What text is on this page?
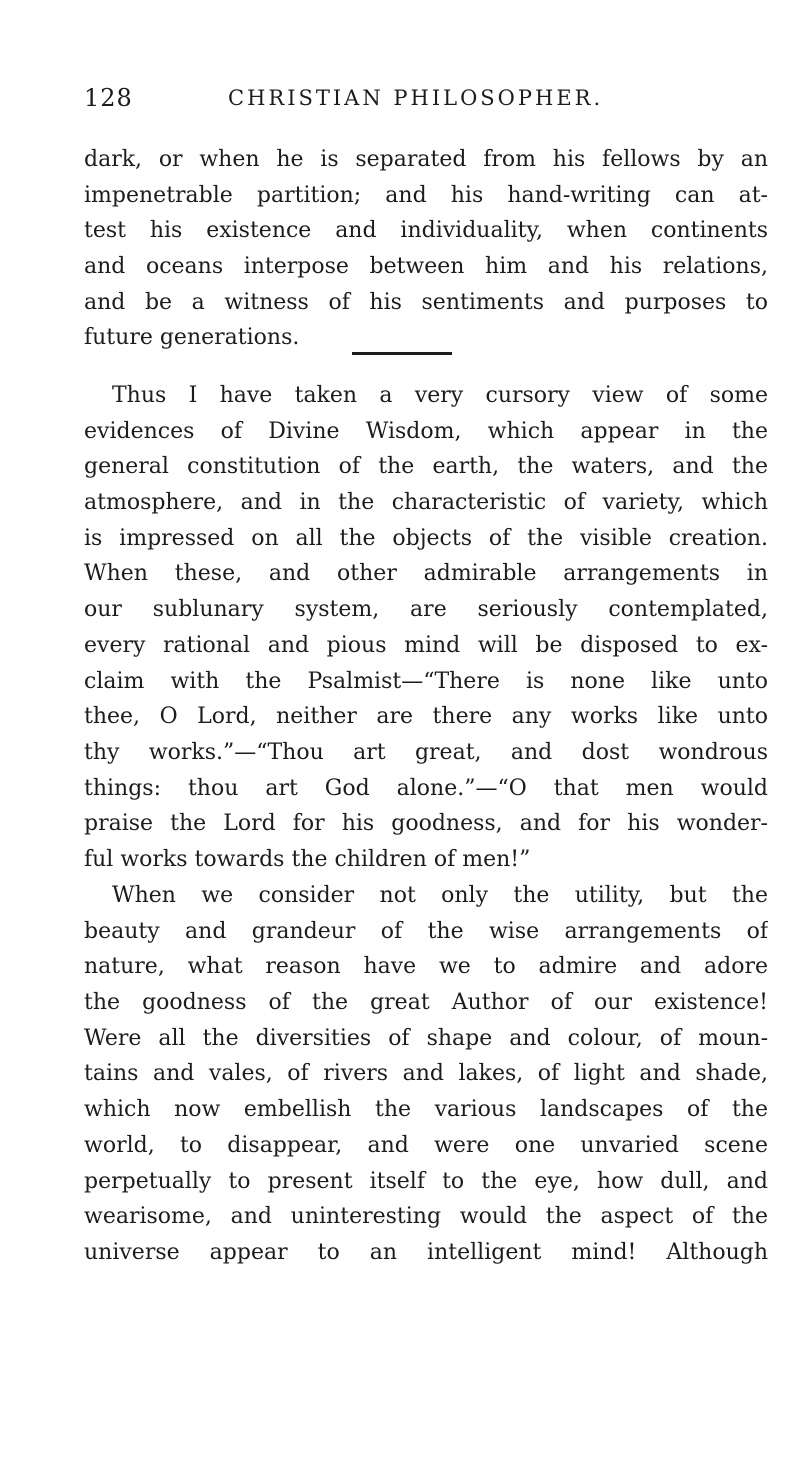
128	CHRISTIAN PHILOSOPHER.
dark, or when he is separated from his fellows by an
impenetrable partition; and his hand-writing can at-
test his existence and individuality, when continents
and oceans interpose between him and his relations,
and be a witness of his sentiments and purposes to
future generations.
Thus I have taken a very cursory view of some
evidences of Divine Wisdom, which appear in the
general constitution of the earth, the waters, and the
atmosphere, and in the characteristic of variety, which
is impressed on all the objects of the visible creation.
When these, and other admirable arrangements in
our sublunary system, are seriously contemplated,
every rational and pious mind will be disposed to ex-
claim with the Psalmist—“There is none like unto
thee, O Lord, neither are there any works like unto
thy works.”—“Thou art great, and dost wondrous
things: thou art God alone.”—“O that men would
praise the Lord for his goodness, and for his wonder-
ful works towards the children of men!”
When we consider not only the utility, but the
beauty and grandeur of the wise arrangements of
nature, what reason have we to admire and adore
the goodness of the great Author of our existence!
Were all the diversities of shape and colour, of moun-
tains and vales, of rivers and lakes, of light and shade,
which now embellish the various landscapes of the
world, to disappear, and were one unvaried scene
perpetually to present itself to the eye, how dull, and
wearisome, and uninteresting would the aspect of the
universe appear to an intelligent mind! Although
